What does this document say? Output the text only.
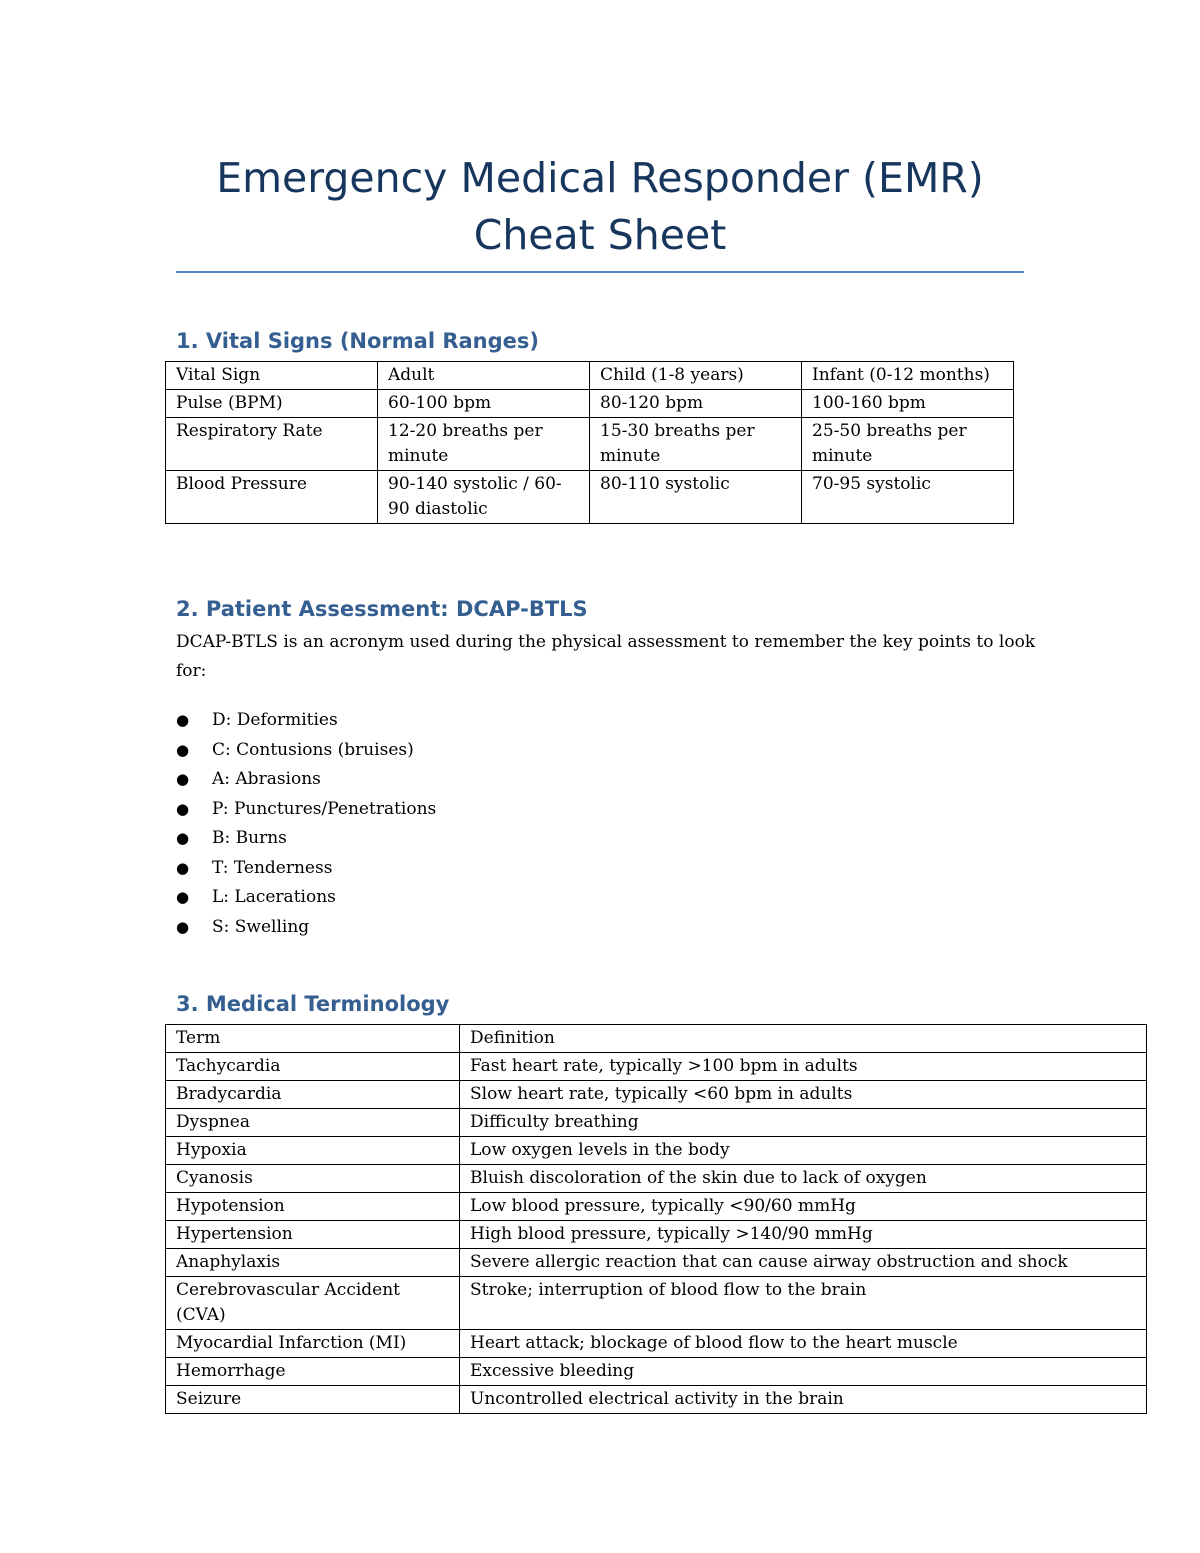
Emergency Medical Responder (EMR)
Cheat Sheet
1. Vital Signs (Normal Ranges)
Vital Sign	Adult	Child (1-8 years)	Infant (0-12 months)
Pulse (BPM)	60-100 bpm	80-120 bpm	100-160 bpm
Respiratory Rate	12-20 breaths per minute	15-30 breaths per minute	25-50 breaths per minute
Blood Pressure	90-140 systolic / 60-90 diastolic	80-110 systolic	70-95 systolic
2. Patient Assessment: DCAP-BTLS

DCAP-BTLS is an acronym used during the physical assessment to remember the key points to look for:

● D: Deformities
● C: Contusions (bruises)
● A: Abrasions
● P: Punctures/Penetrations
● B: Burns
● T: Tenderness
● L: Lacerations
● S: Swelling
3. Medical Terminology
Term	Definition
Tachycardia	Fast heart rate, typically >100 bpm in adults
Bradycardia	Slow heart rate, typically <60 bpm in adults
Dyspnea	Difficulty breathing
Hypoxia	Low oxygen levels in the body
Cyanosis	Bluish discoloration of the skin due to lack of oxygen
Hypotension	Low blood pressure, typically <90/60 mmHg
Hypertension	High blood pressure, typically >140/90 mmHg
Anaphylaxis	Severe allergic reaction that can cause airway obstruction and shock
Cerebrovascular Accident (CVA)	Stroke; interruption of blood flow to the brain
Myocardial Infarction (MI)	Heart attack; blockage of blood flow to the heart muscle
Hemorrhage	Excessive bleeding
Seizure	Uncontrolled electrical activity in the brain
